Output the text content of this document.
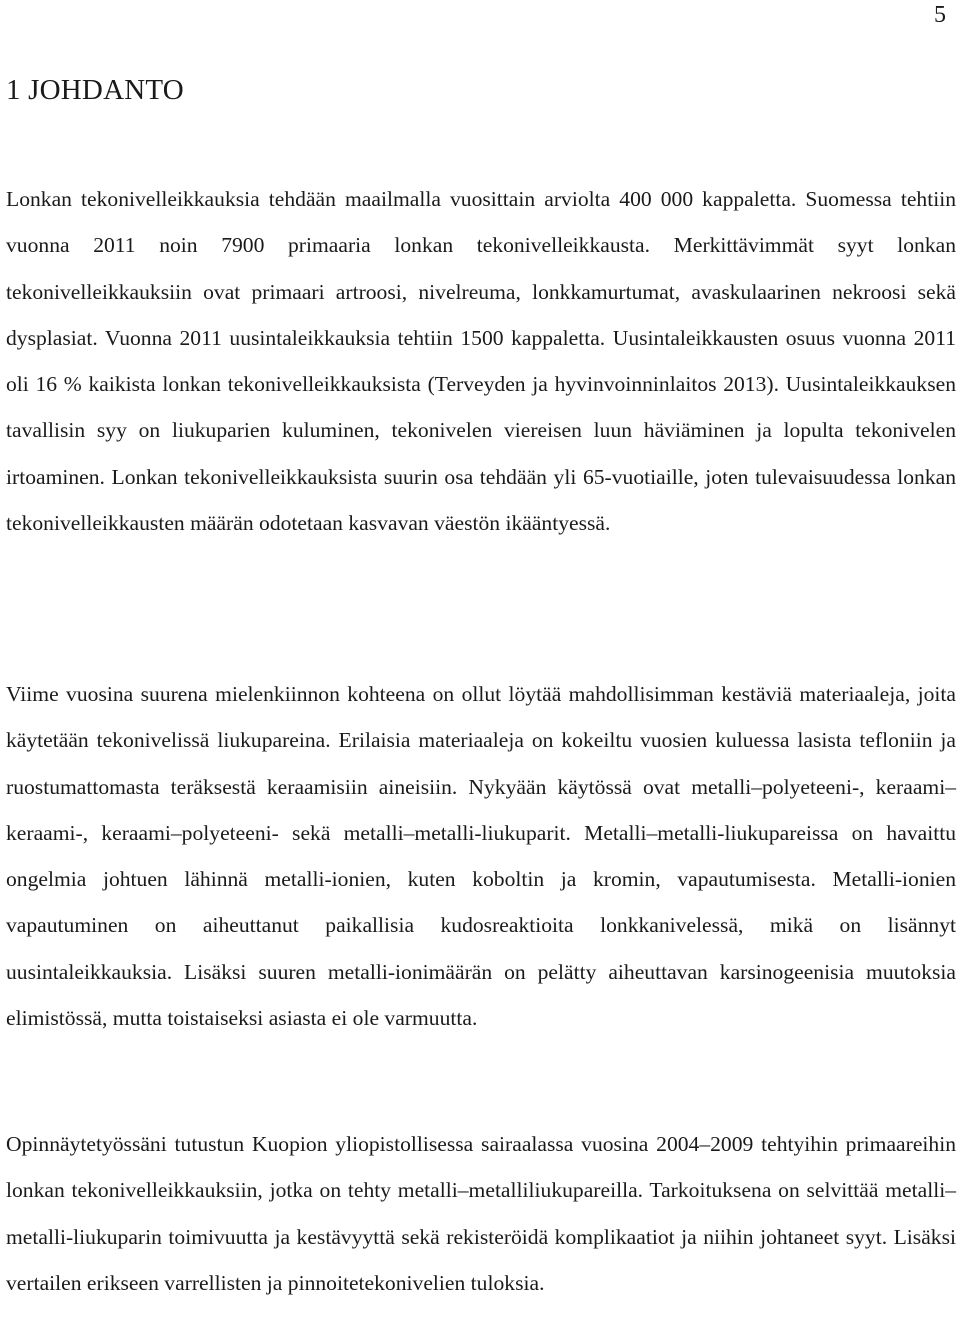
5
1 JOHDANTO

Lonkan tekonivelleikkauksia tehdään maailmalla vuosittain arviolta 400 000 kappaletta. Suomessa tehtiin vuonna 2011 noin 7900 primaaria lonkan tekonivelleikkausta. Merkittävimmät syyt lonkan tekonivelleikkauksiin ovat primaari artroosi, nivelreuma, lonkkamurtumat, avaskulaarinen nekroosi sekä dysplasiat. Vuonna 2011 uusintaleikkauksia tehtiin 1500 kappaletta. Uusintaleikkausten osuus vuonna 2011 oli 16 % kaikista lonkan tekonivelleikkauksista (Terveyden ja hyvinvoinninlaitos 2013). Uusintaleikkauksen tavallisin syy on liukuparien kuluminen, tekonivelen viereisen luun häviäminen ja lopulta tekonivelen irtoaminen. Lonkan tekonivelleikkauksista suurin osa tehdään yli 65-vuotiaille, joten tulevaisuudessa lonkan tekonivelleikkausten määrän odotetaan kasvavan väestön ikääntyessä.

Viime vuosina suurena mielenkiinnon kohteena on ollut löytää mahdollisimman kestäviä materiaaleja, joita käytetään tekonivelissä liukupareina. Erilaisia materiaaleja on kokeiltu vuosien kuluessa lasista tefloniin ja ruostumattomasta teräksestä keraamisiin aineisiin. Nykyään käytössä ovat metalli–polyeteeni-, keraami–keraami-, keraami–polyeteeni- sekä metalli–metalli-liukuparit. Metalli–metalli-liukupareissa on havaittu ongelmia johtuen lähinnä metalli-ionien, kuten koboltin ja kromin, vapautumisesta. Metalli-ionien vapautuminen on aiheuttanut paikallisia kudosreaktioita lonkkanivelessä, mikä on lisännyt uusintaleikkauksia. Lisäksi suuren metalli-ionimäärän on pelätty aiheuttavan karsinogeenisia muutoksia elimistössä, mutta toistaiseksi asiasta ei ole varmuutta.

Opinnäytetyössäni tutustun Kuopion yliopistollisessa sairaalassa vuosina 2004–2009 tehtyihin primaareihin lonkan tekonivelleikkauksiin, jotka on tehty metalli–metalliliukupareilla. Tarkoituksena on selvittää metalli–metalli-liukuparin toimivuutta ja kestävyyttä sekä rekisteröidä komplikaatiot ja niihin johtaneet syyt. Lisäksi vertailen erikseen varrellisten ja pinnoitetekonivelien tuloksia.
